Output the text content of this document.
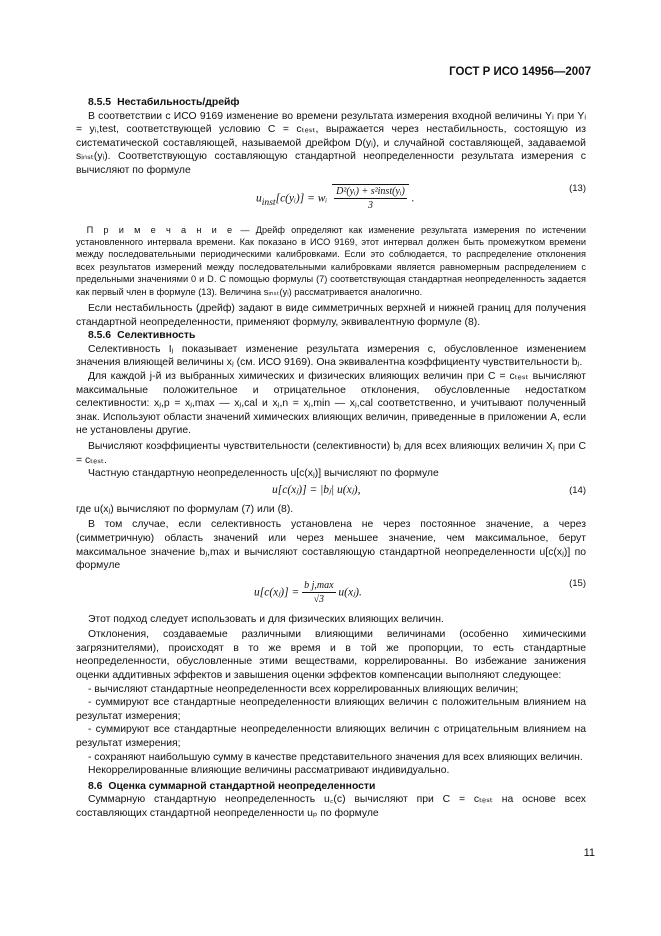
ГОСТ Р ИСО 14956—2007

8.5.5 Нестабильность/дрейф

В соответствии с ИСО 9169 изменение во времени результата измерения входной величины Yᵢ при Yᵢ = yᵢ,test, соответствующей условию C = cₜₑₛₜ, выражается через нестабильность, состоящую из систематической составляющей, называемой дрейфом D(yᵢ), и случайной составляющей, задаваемой sᵢₙₛₜ(yᵢ). Соответствующую составляющую стандартной неопределенности результата измерения c вычисляют по формуле

$u_{inst}[c(yᵢ)]$ = wᵢ $\frac{\text{D²(yᵢ) + s²inst(yᵢ)}}{3}$ .
(13)

П р и м е ч а н и е — Дрейф определяют как изменение результата измерения по истечении установленного интервала времени. Как показано в ИСО 9169, этот интервал должен быть промежутком времени между последовательными периодическими калибровками. Если это соблюдается, то распределение отклонения всех результатов измерений между последовательными калибровками является равномерным распределением с предельными значениями 0 и D. С помощью формулы (7) соответствующая стандартная неопределенность задается как первый член в формуле (13). Величина sᵢₙₛₜ(yᵢ) рассматривается аналогично.

Если нестабильность (дрейф) задают в виде симметричных верхней и нижней границ для получения стандартной неопределенности, применяют формулу, эквивалентную формуле (8).

8.5.6 Селективность

Селективность Iⱼ показывает изменение результата измерения c, обусловленное изменением значения влияющей величины xⱼ (см. ИСО 9169). Она эквивалентна коэффициенту чувствительности bⱼ.

Для каждой j-й из выбранных химических и физических влияющих величин при C = cₜₑₛₜ вычисляют максимальные положительное и отрицательное отклонения, обусловленные недостатком селективности: xⱼ,p = xⱼ,max — xⱼ,cal и xⱼ,n = xⱼ,min — xⱼ,cal соответственно, и учитывают полученный знак. Используют области значений химических влияющих величин, приведенные в приложении А, если не установлены другие.

Вычисляют коэффициенты чувствительности (селективности) bⱼ для всех влияющих величин Xⱼ при C = cₜₑₛₜ.

Частную стандартную неопределенность u[c(xⱼ)] вычисляют по формуле

u[c(xⱼ)] = |bⱼ| u(xⱼ),	(14)

где u(xⱼ) вычисляют по формулам (7) или (8).

В том случае, если селективность установлена не через постоянное значение, а через (симметричную) область значений или через меньшее значение, чем максимальное, берут максимальное значение bⱼ,max и вычисляют составляющую стандартной неопределенности u[c(xⱼ)] по формуле

u[c(xⱼ)] = $\frac{\text{b j,max}}{√3}$ u(xⱼ).
(15)

Этот подход следует использовать и для физических влияющих величин.

Отклонения, создаваемые различными влияющими величинами (особенно химическими загрязнителями), происходят в то же время и в той же пропорции, то есть стандартные неопределенности, обусловленные этими веществами, коррелированны. Во избежание занижения оценки аддитивных эффектов и завышения оценки эффектов компенсации выполняют следующее:

- вычисляют стандартные неопределенности всех коррелированных влияющих величин;

- суммируют все стандартные неопределенности влияющих величин с положительным влиянием на результат измерения;

- суммируют все стандартные неопределенности влияющих величин с отрицательным влиянием на результат измерения;

- сохраняют наибольшую сумму в качестве представительного значения для всех влияющих величин.

Некоррелированные влияющие величины рассматривают индивидуально.

8.6 Оценка суммарной стандартной неопределенности

Суммарную стандартную неопределенность u꜀(c) вычисляют при C = cₜₑₛₜ на основе всех составляющих стандартной неопределенности uₚ по формуле

11
